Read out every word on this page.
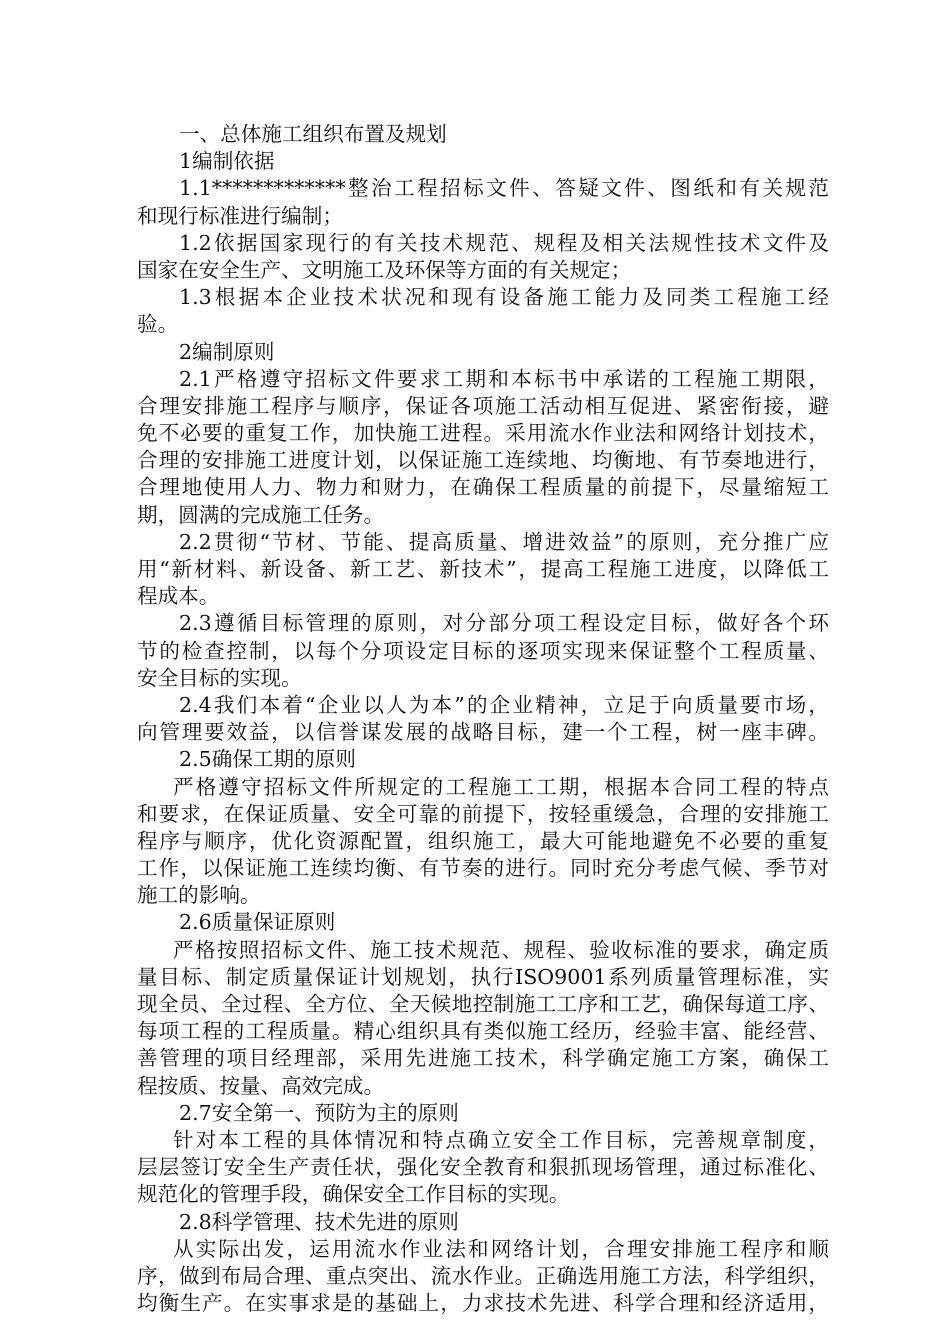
一、总体施工组织布置及规划
1编制依据
1.1*************整治工程招标文件、答疑文件、图纸和有关规范
和现行标准进行编制；
1.2依据国家现行的有关技术规范、规程及相关法规性技术文件及
国家在安全生产、文明施工及环保等方面的有关规定；
1.3根据本企业技术状况和现有设备施工能力及同类工程施工经
验。
2编制原则
2.1严格遵守招标文件要求工期和本标书中承诺的工程施工期限，
合理安排施工程序与顺序，保证各项施工活动相互促进、紧密衔接，避
免不必要的重复工作，加快施工进程。采用流水作业法和网络计划技术，
合理的安排施工进度计划，以保证施工连续地、均衡地、有节奏地进行，
合理地使用人力、物力和财力，在确保工程质量的前提下，尽量缩短工
期，圆满的完成施工任务。
2.2贯彻“节材、节能、提高质量、增进效益”的原则，充分推广应
用“新材料、新设备、新工艺、新技术”，提高工程施工进度，以降低工
程成本。
2.3遵循目标管理的原则，对分部分项工程设定目标，做好各个环
节的检查控制，以每个分项设定目标的逐项实现来保证整个工程质量、
安全目标的实现。
2.4我们本着“企业以人为本”的企业精神，立足于向质量要市场，
向管理要效益，以信誉谋发展的战略目标，建一个工程，树一座丰碑。
2.5确保工期的原则
严格遵守招标文件所规定的工程施工工期，根据本合同工程的特点
和要求，在保证质量、安全可靠的前提下，按轻重缓急，合理的安排施工
程序与顺序，优化资源配置，组织施工，最大可能地避免不必要的重复
工作，以保证施工连续均衡、有节奏的进行。同时充分考虑气候、季节对
施工的影响。
2.6质量保证原则
严格按照招标文件、施工技术规范、规程、验收标准的要求，确定质
量目标、制定质量保证计划规划，执行ISO9001系列质量管理标准，实
现全员、全过程、全方位、全天候地控制施工工序和工艺，确保每道工序、
每项工程的工程质量。精心组织具有类似施工经历，经验丰富、能经营、
善管理的项目经理部，采用先进施工技术，科学确定施工方案，确保工
程按质、按量、高效完成。
2.7安全第一、预防为主的原则
针对本工程的具体情况和特点确立安全工作目标，完善规章制度，
层层签订安全生产责任状，强化安全教育和狠抓现场管理，通过标准化、
规范化的管理手段，确保安全工作目标的实现。
2.8科学管理、技术先进的原则
从实际出发，运用流水作业法和网络计划，合理安排施工程序和顺
序，做到布局合理、重点突出、流水作业。正确选用施工方法，科学组织，
均衡生产。在实事求是的基础上，力求技术先进、科学合理和经济适用，
